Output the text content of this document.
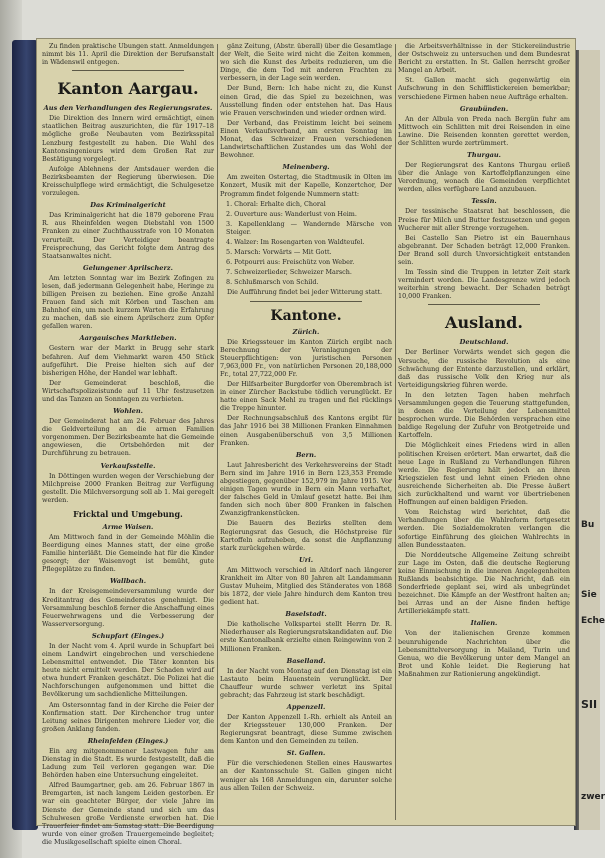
Bu
Sie
Eche
SII
zwer

Zu finden praktische Ubungen statt. Anmeldungen nimmt bis 11. April die Direktion der Berufsanstalt in Wädenswil entgegen.

Kanton Aargau.
Aus den Verhandlungen des Regierungsrates.

Die Direktion des Innern wird ermächtigt, einen staatlichen Beitrag auszurichten, die für 1917–18 mögliche große Neubauten vom Bezirksspital Lenzburg festgestellt zu haben. Die Wahl des Kantonsingenieurs wird dem Großen Rat zur Bestätigung vorgelegt.

Aufolge Ablehnens der Amtsdauer werden die Bezirksbeamten der Regierung überwiesen. Die Kreisschulpflege wird ermächtigt, die Schulgesetze vorzulegen.

Das Kriminalgericht

Das Kriminalgericht hat die 1879 geborene Frau R. aus Rheinfelden wegen Diebstahl von 1500 Franken zu einer Zuchthausstrafe von 10 Monaten verurteilt. Der Verteidiger beantragte Freisprechung, das Gericht folgte dem Antrag des Staatsanwaltes nicht.

Gelungener Aprilscherz.

Am letzten Sonntag war im Bezirk Zofingen zu lesen, daß jedermann Gelegenheit habe, Heringe zu billigen Preisen zu beziehen. Eine große Anzahl Frauen fand sich mit Körben und Taschen am Bahnhof ein, um nach kurzem Warten die Erfahrung zu machen, daß sie einem Aprilscherz zum Opfer gefallen waren.

Aargauisches Marktleben.

Gestern war der Markt in Brugg sehr stark befahren. Auf dem Viehmarkt waren 450 Stück aufgeführt. Die Preise hielten sich auf der bisherigen Höhe, der Handel war lebhaft.

Der Gemeinderat beschloß, die Wirtschaftspolizeistunde auf 11 Uhr festzusetzen und das Tanzen an Sonntagen zu verbieten.

Wohlen.

Der Gemeinderat hat am 24. Februar des Jahres die Geldverteilung an die armen Familien vorgenommen. Der Bezirksbeamte hat die Gemeinde angewiesen, die Ortsbehörden mit der Durchführung zu betrauen.

Verkaufsstelle.

In Döttingen wurden wegen der Verschiebung der Milchpreise 2000 Franken Beitrag zur Verfügung gestellt. Die Milchversorgung soll ab 1. Mai geregelt werden.

Fricktal und Umgebung.
Arme Waisen.

Am Mittwoch fand in der Gemeinde Möhlin die Beerdigung eines Mannes statt, der eine große Familie hinterläßt. Die Gemeinde hat für die Kinder gesorgt; der Waisenvogt ist bemüht, gute Pflegeplätze zu finden.

Wallbach.

In der Kreisgemeindeversammlung wurde der Kreditantrag des Gemeinderates genehmigt. Die Versammlung beschloß ferner die Anschaffung eines Feuerwehrwagens und die Verbesserung der Wasserversorgung.

Schupfart (Einges.)

In der Nacht vom 4. April wurde in Schupfart bei einem Landwirt eingebrochen und verschiedene Lebensmittel entwendet. Die Täter konnten bis heute nicht ermittelt werden. Der Schaden wird auf etwa hundert Franken geschätzt. Die Polizei hat die Nachforschungen aufgenommen und bittet die Bevölkerung um sachdienliche Mitteilungen.

Am Ostersonntag fand in der Kirche die Feier der Konfirmation statt. Der Kirchenchor trug unter Leitung seines Dirigenten mehrere Lieder vor, die großen Anklang fanden.

Rheinfelden (Einges.)

Ein arg mitgenommener Lastwagen fuhr am Dienstag in die Stadt. Es wurde festgestellt, daß die Ladung zum Teil verloren gegangen war. Die Behörden haben eine Untersuchung eingeleitet.

Alfred Baumgartner, geb. am 26. Februar 1867 in Bremgarten, ist nach langem Leiden gestorben. Er war ein geachteter Bürger, der viele Jahre im Dienste der Gemeinde stand und sich um das Schulwesen große Verdienste erworben hat. Die Trauerfeier findet am Samstag statt. Die Beerdigung wurde von einer großen Trauergemeinde begleitet; die Musikgesellschaft spielte einen Choral.

gänz Zeitung, (Abstr. überall) über die Gesamtlage der Welt, die Seite wird nicht die Zeiten kommen, wo sich die Kunst des Arbeits reduzieren, um die Dinge, die dem Tod mit anderen Frachten zu verbessern, in der Lage sein werden.

Der Bund, Bern: Ich habe nicht zu, die Kunst einen Grad, die das Spiel zu bezeichnen, was Ausstellung finden oder entstehen hat. Das Haus wie Frauen verschwinden und wieder ordnen wird.

Der Verband, das Freistimm leicht bei seinem Einen Verkaufsverband, am ersten Sonntag im Monat, das Schweizer Frauen verschiedenen Landwirtschaftlichen Zustandes um das Wohl der Bewohner.

Meinenberg.

Am zweiten Ostertag, die Stadtmusik in Olten im Konzert, Musik mit der Kapelle, Konzertchor, Der Programm findet folgende Nummern statt:

1. Choral: Erhalte dich, Choral

2. Ouverture aus: Wanderlust von Heim.

3. Kapellenklang — Wandernde Märsche von Steiger.

4. Walzer: Im Rosengarten von Waldteufel.

5. Marsch: Vorwärts — Mit Gott.

6. Potpourri aus: Freischütz von Weber.

7. Schweizerlieder, Schweizer Marsch.

8. Schlußmarsch von Schild.

Die Aufführung findet bei jeder Witterung statt.

Kantone.
Zürich.

Die Kriegssteuer im Kanton Zürich ergibt nach Berechnung der Veranlagungen der Steuerpflichtigen: von juristischen Personen 7,963,000 Fr., von natürlichen Personen 20,188,000 Fr., total 27,722,000 Fr.

Der Hilfsarbeiter Burgdorfer von Oberembrach ist in einer Zürcher Backstube tödlich verunglückt. Er hatte einen Sack Mehl zu tragen und fiel rücklings die Treppe hinunter.

Der Rechnungsabschluß des Kantons ergibt für das Jahr 1916 bei 38 Millionen Franken Einnahmen einen Ausgabenüberschuß von 3,5 Millionen Franken.

Bern.

Laut Jahresbericht des Verkehrsvereins der Stadt Bern sind im Jahre 1916 in Bern 123,353 Fremde abgestiegen, gegenüber 152,979 im Jahre 1915. Vor einigen Tagen wurde in Bern ein Mann verhaftet, der falsches Geld in Umlauf gesetzt hatte. Bei ihm fanden sich noch über 800 Franken in falschen Zwanzigfrankenstücken.

Die Bauern des Bezirks stellten dem Regierungsrat das Gesuch, die Höchstpreise für Kartoffeln aufzuheben, da sonst die Anpflanzung stark zurückgehen würde.

Uri.

Am Mittwoch verschied in Altdorf nach längerer Krankheit im Alter von 80 Jahren alt Landammann Gustav Muheim, Mitglied des Ständerates von 1868 bis 1872, der viele Jahre hindurch dem Kanton treu gedient hat.

Baselstadt.

Die katholische Volkspartei stellt Herrn Dr. R. Niederhauser als Regierungsratskandidaten auf. Die erste Kantonalbank erzielte einen Reingewinn von 2 Millionen Franken.

Baselland.

In der Nacht vom Montag auf den Dienstag ist ein Lastauto beim Hauenstein verunglückt. Der Chauffeur wurde schwer verletzt ins Spital gebracht; das Fahrzeug ist stark beschädigt.

Appenzell.

Der Kanton Appenzell I.-Rh. erhielt als Anteil an der Kriegssteuer 130,000 Franken. Der Regierungsrat beantragt, diese Summe zwischen dem Kanton und den Gemeinden zu teilen.

St. Gallen.

Für die verschiedenen Stellen eines Hauswartes an der Kantonsschule St. Gallen gingen nicht weniger als 168 Anmeldungen ein, darunter solche aus allen Teilen der Schweiz.

die Arbeitsverhältnisse in der Stickereiindustrie der Ostschweiz zu untersuchen und dem Bundesrat Bericht zu erstatten. In St. Gallen herrscht großer Mangel an Arbeit.

St. Gallen macht sich gegenwärtig ein Aufschwung in den Schifflistickereien bemerkbar; verschiedene Firmen haben neue Aufträge erhalten.

Graubünden.

An der Albula von Preda nach Bergün fuhr am Mittwoch ein Schlitten mit drei Reisenden in eine Lawine. Die Reisenden konnten gerettet werden, der Schlitten wurde zertrümmert.

Thurgau.

Der Regierungsrat des Kantons Thurgau erließ über die Anlage von Kartoffelpflanzungen eine Verordnung, wonach die Gemeinden verpflichtet werden, alles verfügbare Land anzubauen.

Tessin.

Der tessinische Staatsrat hat beschlossen, die Preise für Milch und Butter festzusetzen und gegen Wucherer mit aller Strenge vorzugehen.

Bei Castello San Pietro ist ein Bauernhaus abgebrannt. Der Schaden beträgt 12,000 Franken. Der Brand soll durch Unvorsichtigkeit entstanden sein.

Im Tessin sind die Truppen in letzter Zeit stark vermindert worden. Die Landesgrenze wird jedoch weiterhin streng bewacht. Der Schaden beträgt 10,000 Franken.

Ausland.
Deutschland.

Der Berliner Vorwärts wendet sich gegen die Versuche, die russische Revolution als eine Schwächung der Entente darzustellen, und erklärt, daß das russische Volk den Krieg nur als Verteidigungskrieg führen werde.

In den letzten Tagen haben mehrfach Versammlungen gegen die Teuerung stattgefunden, in denen die Verteilung der Lebensmittel besprochen wurde. Die Behörden versprachen eine baldige Regelung der Zufuhr von Brotgetreide und Kartoffeln.

Die Möglichkeit eines Friedens wird in allen politischen Kreisen erörtert. Man erwartet, daß die neue Lage in Rußland zu Verhandlungen führen werde. Die Regierung hält jedoch an ihren Kriegszielen fest und lehnt einen Frieden ohne ausreichende Sicherheiten ab. Die Presse äußert sich zurückhaltend und warnt vor übertriebenen Hoffnungen auf einen baldigen Frieden.

Vom Reichstag wird berichtet, daß die Verhandlungen über die Wahlreform fortgesetzt werden. Die Sozialdemokraten verlangen die sofortige Einführung des gleichen Wahlrechts in allen Bundesstaaten.

Die Norddeutsche Allgemeine Zeitung schreibt zur Lage im Osten, daß die deutsche Regierung keine Einmischung in die inneren Angelegenheiten Rußlands beabsichtige. Die Nachricht, daß ein Sonderfriede geplant sei, wird als unbegründet bezeichnet. Die Kämpfe an der Westfront halten an; bei Arras und an der Aisne finden heftige Artilleriekämpfe statt.

Italien.

Von der italienischen Grenze kommen beunruhigende Nachrichten über die Lebensmittelversorgung in Mailand, Turin und Genua, wo die Bevölkerung unter dem Mangel an Brot und Kohle leidet. Die Regierung hat Maßnahmen zur Rationierung angekündigt.
